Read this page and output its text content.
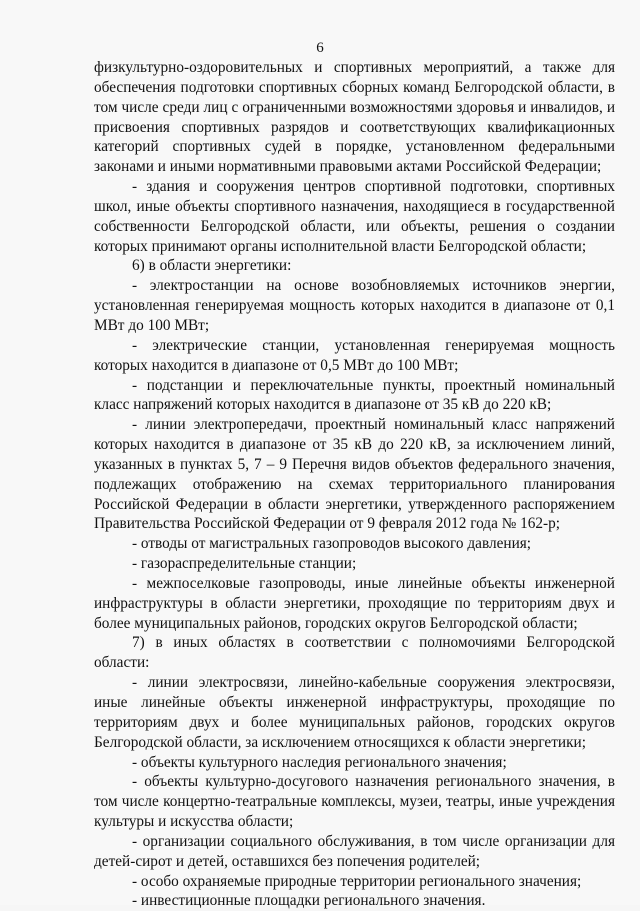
6

физкультурно-оздоровительных и спортивных мероприятий, а также для обеспечения подготовки спортивных сборных команд Белгородской области, в том числе среди лиц с ограниченными возможностями здоровья и инвалидов, и присвоения спортивных разрядов и соответствующих квалификационных категорий спортивных судей в порядке, установленном федеральными законами и иными нормативными правовыми актами Российской Федерации;

- здания и сооружения центров спортивной подготовки, спортивных школ, иные объекты спортивного назначения, находящиеся в государственной собственности Белгородской области, или объекты, решения о создании которых принимают органы исполнительной власти Белгородской области;

6) в области энергетики:

- электростанции на основе возобновляемых источников энергии, установленная генерируемая мощность которых находится в диапазоне от 0,1 МВт до 100 МВт;

- электрические станции, установленная генерируемая мощность которых находится в диапазоне от 0,5 МВт до 100 МВт;

- подстанции и переключательные пункты, проектный номинальный класс напряжений которых находится в диапазоне от 35 кВ до 220 кВ;

- линии электропередачи, проектный номинальный класс напряжений которых находится в диапазоне от 35 кВ до 220 кВ, за исключением линий, указанных в пунктах 5, 7 – 9 Перечня видов объектов федерального значения, подлежащих отображению на схемах территориального планирования Российской Федерации в области энергетики, утвержденного распоряжением Правительства Российской Федерации от 9 февраля 2012 года № 162-р;

- отводы от магистральных газопроводов высокого давления;

- газораспределительные станции;

- межпоселковые газопроводы, иные линейные объекты инженерной инфраструктуры в области энергетики, проходящие по территориям двух и более муниципальных районов, городских округов Белгородской области;

7) в иных областях в соответствии с полномочиями Белгородской области:

- линии электросвязи, линейно-кабельные сооружения электросвязи, иные линейные объекты инженерной инфраструктуры, проходящие по территориям двух и более муниципальных районов, городских округов Белгородской области, за исключением относящихся к области энергетики;

- объекты культурного наследия регионального значения;

- объекты культурно-досугового назначения регионального значения, в том числе концертно-театральные комплексы, музеи, театры, иные учреждения культуры и искусства области;

- организации социального обслуживания, в том числе организации для детей-сирот и детей, оставшихся без попечения родителей;

- особо охраняемые природные территории регионального значения;

- инвестиционные площадки регионального значения.
